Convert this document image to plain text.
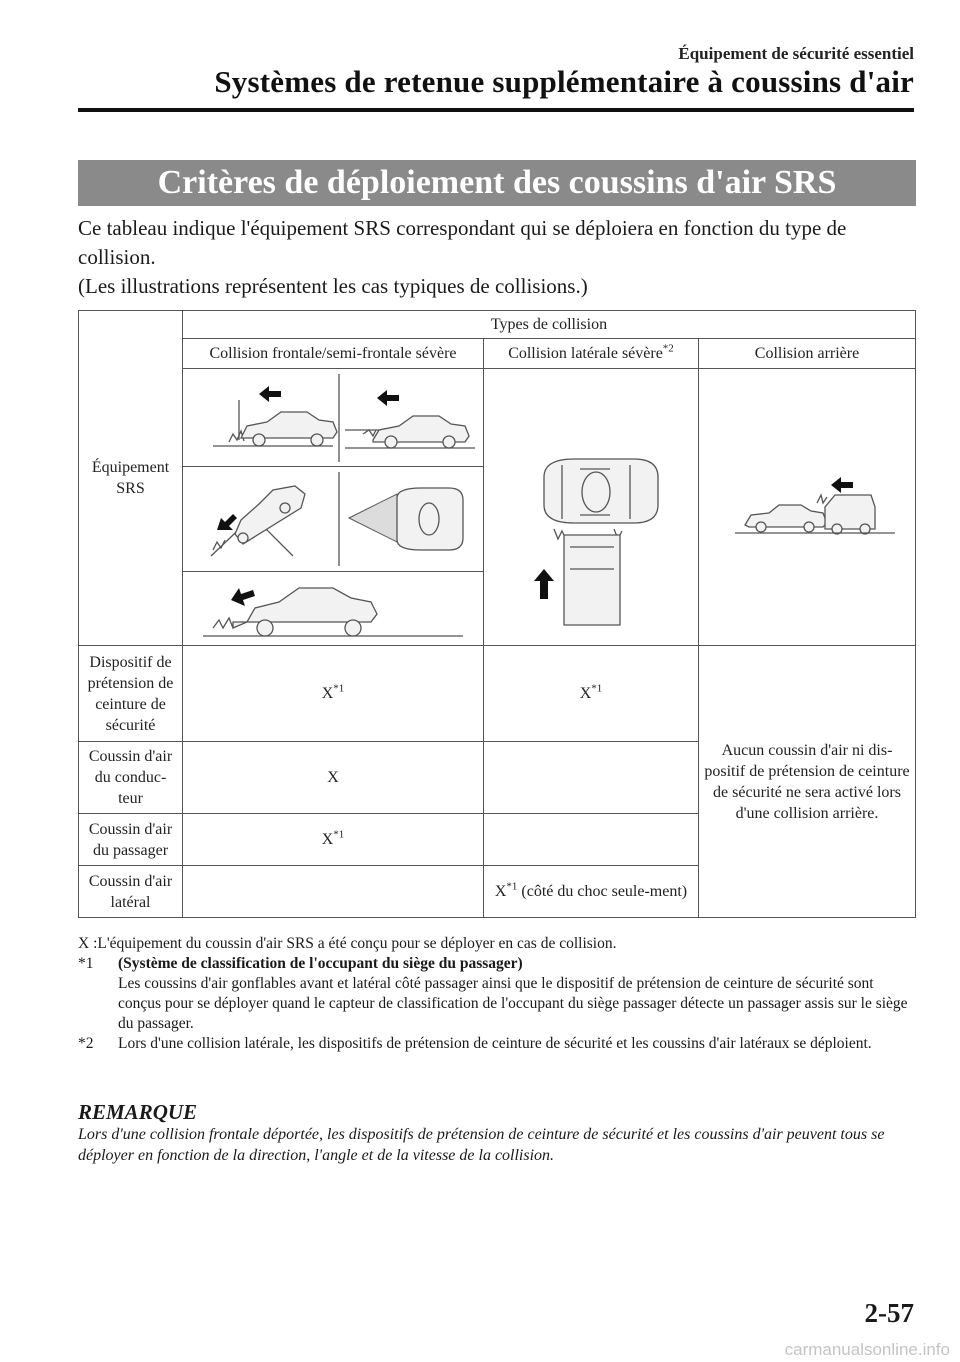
Équipement de sécurité essentiel
Systèmes de retenue supplémentaire à coussins d'air
Critères de déploiement des coussins d'air SRS

Ce tableau indique l'équipement SRS correspondant qui se déploiera en fonction du type de collision.

(Les illustrations représentent les cas typiques de collisions.)

Équipement SRS	Types de collision		
	Collision frontale/semi-frontale sévère	Collision latérale sévère$^{*2}$	Collision arrière

Dispositif de prétension de ceinture de sécurité	$X^{*1}$	$X^{*1}$	Aucun coussin d'air ni dis-positif de prétension de ceinture de sécurité ne sera activé lors d'une collision arrière.
Coussin d'air du conduc-teur	X		
Coussin d'air du passager	$X^{*1}$	
Coussin d'air latéral		$X^{*1}$ (côté du choc seule-ment)	
X : L'équipement du coussin d'air SRS a été conçu pour se déployer en cas de collision.
*1	(Système de classification de l'occupant du siège du passager)
Les coussins d'air gonflables avant et latéral côté passager ainsi que le dispositif de prétension de ceinture de sécurité sont conçus pour se déployer quand le capteur de classification de l'occupant du siège passager détecte un passager assis sur le siège du passager.
*2	Lors d'une collision latérale, les dispositifs de prétension de ceinture de sécurité et les coussins d'air latéraux se déploient.
REMARQUE
Lors d'une collision frontale déportée, les dispositifs de prétension de ceinture de sécurité et les coussins d'air peuvent tous se déployer en fonction de la direction, l'angle et de la vitesse de la collision.
2-57
carmanualsonline.info
